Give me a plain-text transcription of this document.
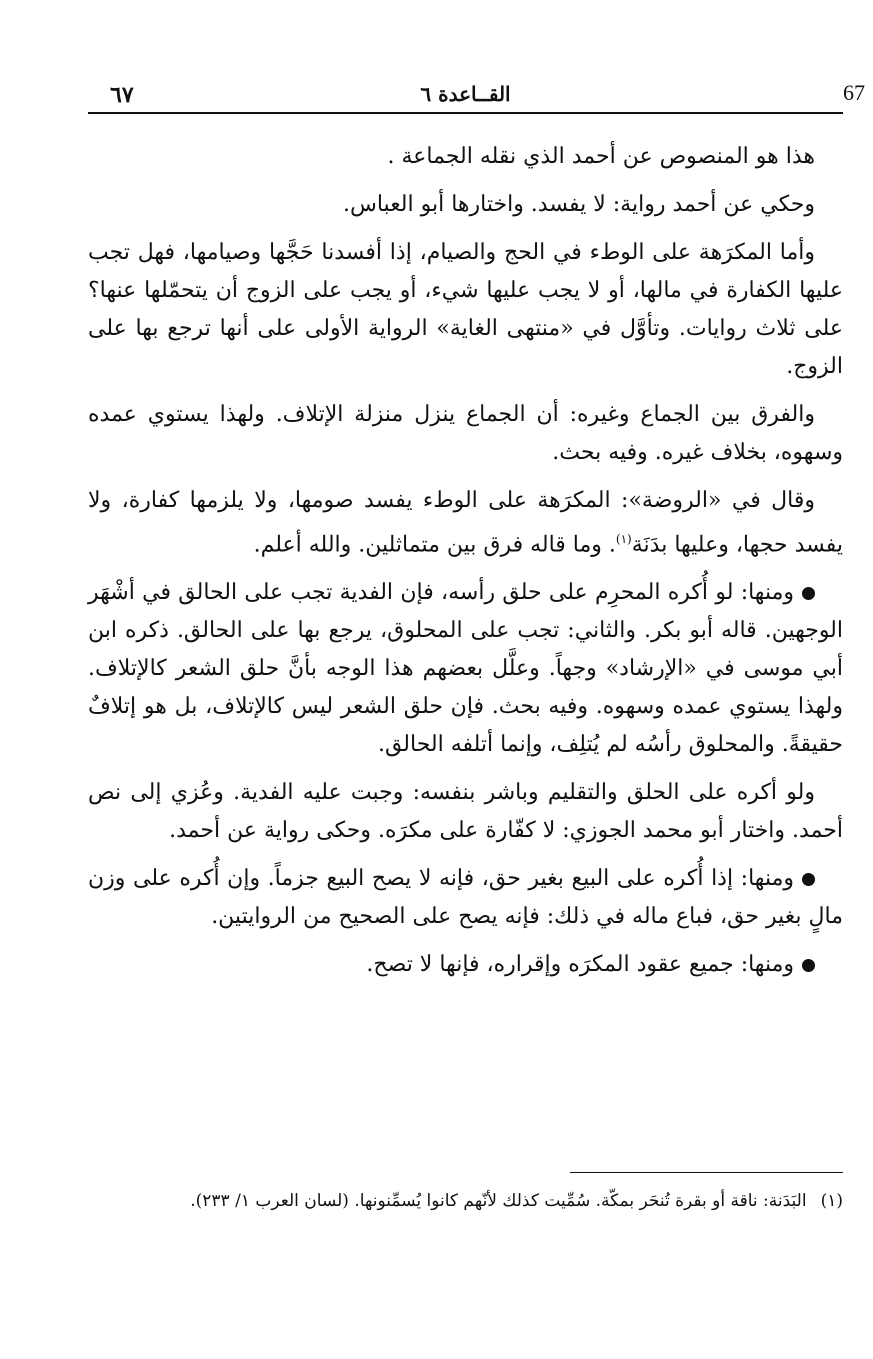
٦٧	القــاعدة ٦	67

هذا هو المنصوص عن أحمد الذي نقله الجماعة .

وحكي عن أحمد رواية: لا يفسد. واختارها أبو العباس.

وأما المكرَهة على الوطء في الحج والصيام، إذا أفسدنا حَجَّها وصيامها، فهل تجب عليها الكفارة في مالها، أو لا يجب عليها شيء، أو يجب على الزوج أن يتحمّلها عنها؟ على ثلاث روايات. وتأوَّل في «منتهى الغاية» الرواية الأولى على أنها ترجع بها على الزوج.

والفرق بين الجماع وغيره: أن الجماع ينزل منزلة الإتلاف. ولهذا يستوي عمده وسهوه، بخلاف غيره. وفيه بحث.

وقال في «الروضة»: المكرَهة على الوطء يفسد صومها، ولا يلزمها كفارة، ولا يفسد حجها، وعليها بدَنَة$^{(١)}$. وما قاله فرق بين متماثلين. والله أعلم.

ومنها: لو أُكره المحرِم على حلق رأسه، فإن الفدية تجب على الحالق في أشْهَر الوجهين. قاله أبو بكر. والثاني: تجب على المحلوق، يرجع بها على الحالق. ذكره ابن أبي موسى في «الإرشاد» وجهاً. وعلَّل بعضهم هذا الوجه بأنَّ حلق الشعر كالإتلاف. ولهذا يستوي عمده وسهوه. وفيه بحث. فإن حلق الشعر ليس كالإتلاف، بل هو إتلافٌ حقيقةً. والمحلوق رأسُه لم يُتلِف، وإنما أتلفه الحالق.

ولو أكره على الحلق والتقليم وباشر بنفسه: وجبت عليه الفدية. وعُزي إلى نص أحمد. واختار أبو محمد الجوزي: لا كفّارة على مكرَه. وحكى رواية عن أحمد.

ومنها: إذا أُكره على البيع بغير حق، فإنه لا يصح البيع جزماً. وإن أُكره على وزن مالٍ بغير حق، فباع ماله في ذلك: فإنه يصح على الصحيح من الروايتين.

ومنها: جميع عقود المكرَه وإقراره، فإنها لا تصح.

(١)البَدَنة: ناقة أو بقرة تُنحَر بمكّة. سُمِّيت كذلك لأنّهم كانوا يُسمِّنونها. (لسان العرب ١/ ٢٣٣).
